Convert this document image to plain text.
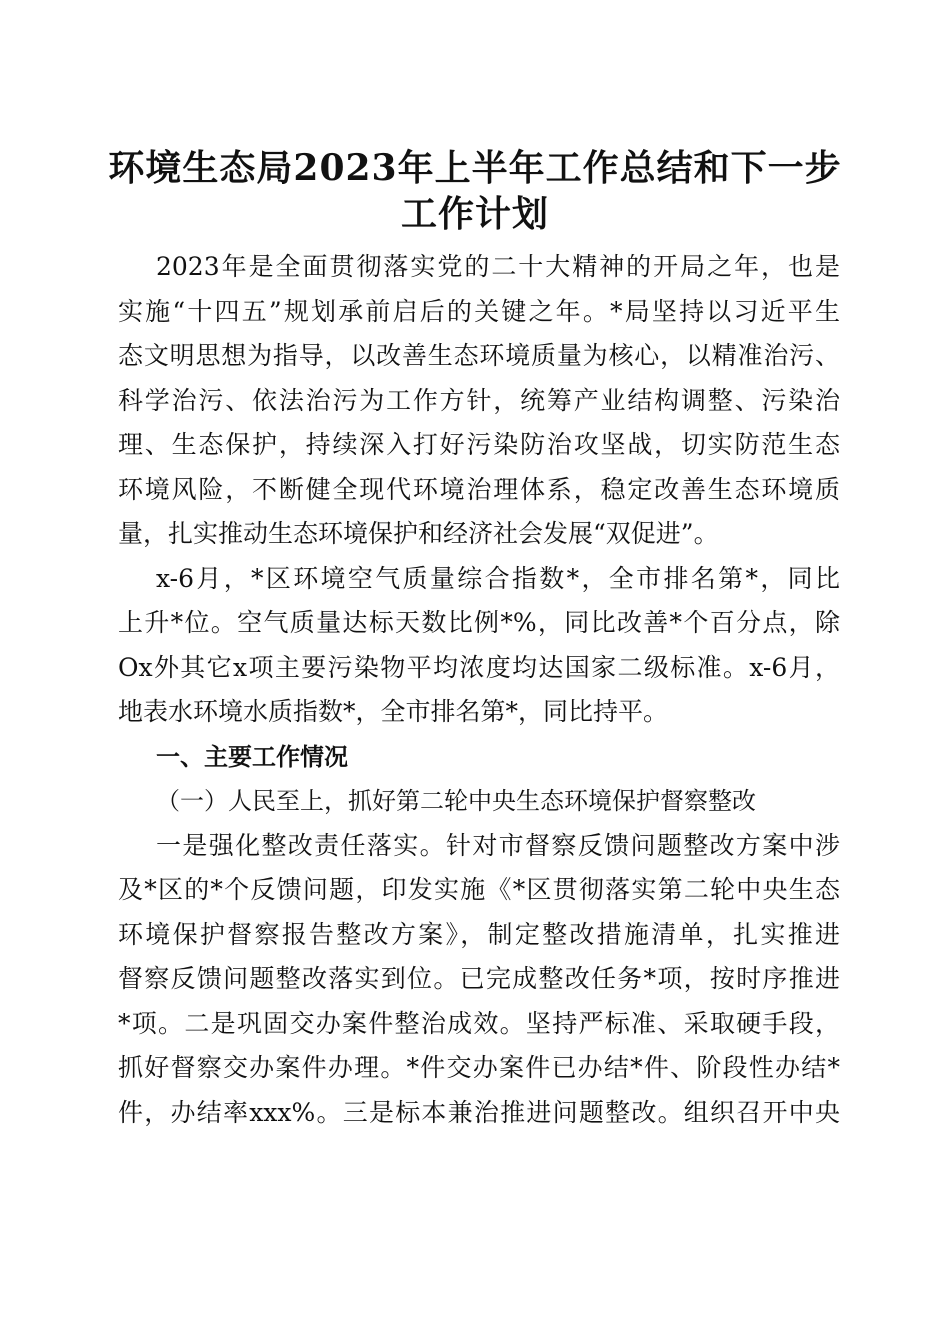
环境生态局2023年上半年工作总结和下一步
工作计划
2023年是全面贯彻落实党的二十大精神的开局之年，也是
实施“十四五”规划承前启后的关键之年。*局坚持以习近平生
态文明思想为指导，以改善生态环境质量为核心，以精准治污、
科学治污、依法治污为工作方针，统筹产业结构调整、污染治
理、生态保护，持续深入打好污染防治攻坚战，切实防范生态
环境风险，不断健全现代环境治理体系，稳定改善生态环境质
量，扎实推动生态环境保护和经济社会发展“双促进”。
x-6月，*区环境空气质量综合指数*，全市排名第*，同比
上升*位。空气质量达标天数比例*%，同比改善*个百分点，除
Ox外其它x项主要污染物平均浓度均达国家二级标准。x-6月，
地表水环境水质指数*，全市排名第*，同比持平。
一、主要工作情况
（一）人民至上，抓好第二轮中央生态环境保护督察整改
一是强化整改责任落实。针对市督察反馈问题整改方案中涉
及*区的*个反馈问题，印发实施《*区贯彻落实第二轮中央生态
环境保护督察报告整改方案》，制定整改措施清单，扎实推进
督察反馈问题整改落实到位。已完成整改任务*项，按时序推进
*项。二是巩固交办案件整治成效。坚持严标准、采取硬手段，
抓好督察交办案件办理。*件交办案件已办结*件、阶段性办结*
件，办结率xxx%。三是标本兼治推进问题整改。组织召开中央
